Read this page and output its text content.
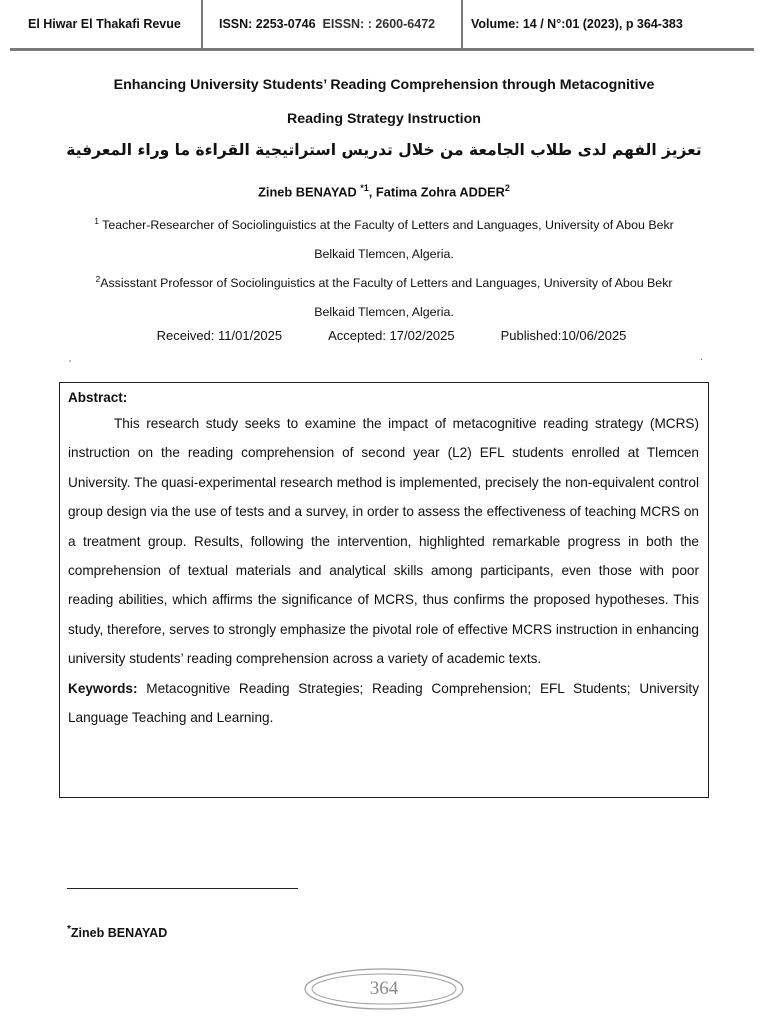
El Hiwar El Thakafi Revue	ISSN: 2253-0746
EISSN: : 2600-6472	Volume: 14 / N°:01 (2023), p 364-383
Enhancing University Students’ Reading Comprehension through Metacognitive
Reading Strategy Instruction
تعزيز الفهم لدى طلاب الجامعة من خلال تدريس استراتيجية القراءة ما وراء المعرفية
Zineb BENAYAD $^{*1}$, Fatima Zohra ADDER$^2$
$^1$ Teacher-Researcher of Sociolinguistics at the Faculty of Letters and Languages, University of Abou Bekr
Belkaid Tlemcen, Algeria.
$^2$Assisstant Professor of Sociolinguistics at the Faculty of Letters and Languages, University of Abou Bekr
Belkaid Tlemcen, Algeria.
Received: 11/01/2025	Accepted: 17/02/2025	Published:10/06/2025
ˏ	.
Abstract:

This research study seeks to examine the impact of metacognitive reading strategy (MCRS) instruction on the reading comprehension of second year (L2) EFL students enrolled at Tlemcen University. The quasi-experimental research method is implemented, precisely the non-equivalent control group design via the use of tests and a survey, in order to assess the effectiveness of teaching MCRS on a treatment group. Results, following the intervention, highlighted remarkable progress in both the comprehension of textual materials and analytical skills among participants, even those with poor reading abilities, which affirms the significance of MCRS, thus confirms the proposed hypotheses. This study, therefore, serves to strongly emphasize the pivotal role of effective MCRS instruction in enhancing university students’ reading comprehension across a variety of academic texts.

Keywords: Metacognitive Reading Strategies; Reading Comprehension; EFL Students; University Language Teaching and Learning.

*Zineb BENAYAD
364
